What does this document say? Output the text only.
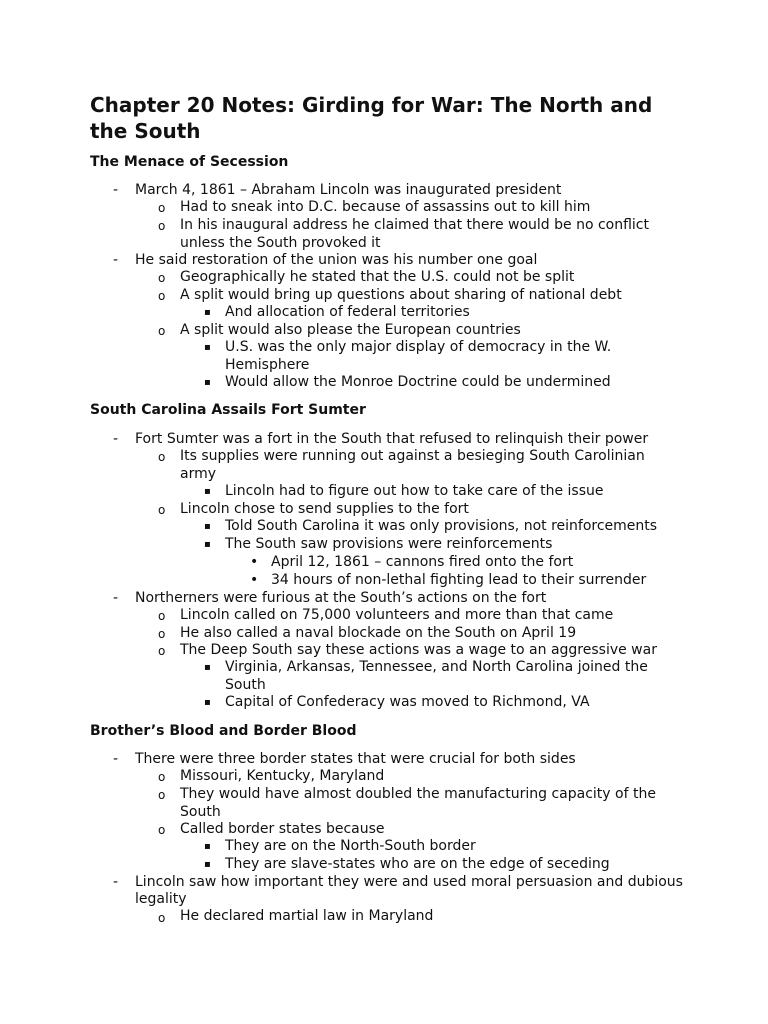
Chapter 20 Notes: Girding for War: The North and the South
The Menace of Secession
- March 4, 1861 – Abraham Lincoln was inaugurated president
o Had to sneak into D.C. because of assassins out to kill him
o In his inaugural address he claimed that there would be no conflict
unless the South provoked it
- He said restoration of the union was his number one goal
o Geographically he stated that the U.S. could not be split
o A split would bring up questions about sharing of national debt
▪ And allocation of federal territories
o A split would also please the European countries
▪ U.S. was the only major display of democracy in the W.
Hemisphere
▪ Would allow the Monroe Doctrine could be undermined
South Carolina Assails Fort Sumter
- Fort Sumter was a fort in the South that refused to relinquish their power
o Its supplies were running out against a besieging South Carolinian
army
▪ Lincoln had to figure out how to take care of the issue
o Lincoln chose to send supplies to the fort
▪ Told South Carolina it was only provisions, not reinforcements
▪ The South saw provisions were reinforcements
• April 12, 1861 – cannons fired onto the fort
• 34 hours of non-lethal fighting lead to their surrender
- Northerners were furious at the South’s actions on the fort
o Lincoln called on 75,000 volunteers and more than that came
o He also called a naval blockade on the South on April 19
o The Deep South say these actions was a wage to an aggressive war
▪ Virginia, Arkansas, Tennessee, and North Carolina joined the
South
▪ Capital of Confederacy was moved to Richmond, VA
Brother’s Blood and Border Blood
- There were three border states that were crucial for both sides
o Missouri, Kentucky, Maryland
o They would have almost doubled the manufacturing capacity of the
South
o Called border states because
▪ They are on the North-South border
▪ They are slave-states who are on the edge of seceding
- Lincoln saw how important they were and used moral persuasion and dubious
legality
o He declared martial law in Maryland
